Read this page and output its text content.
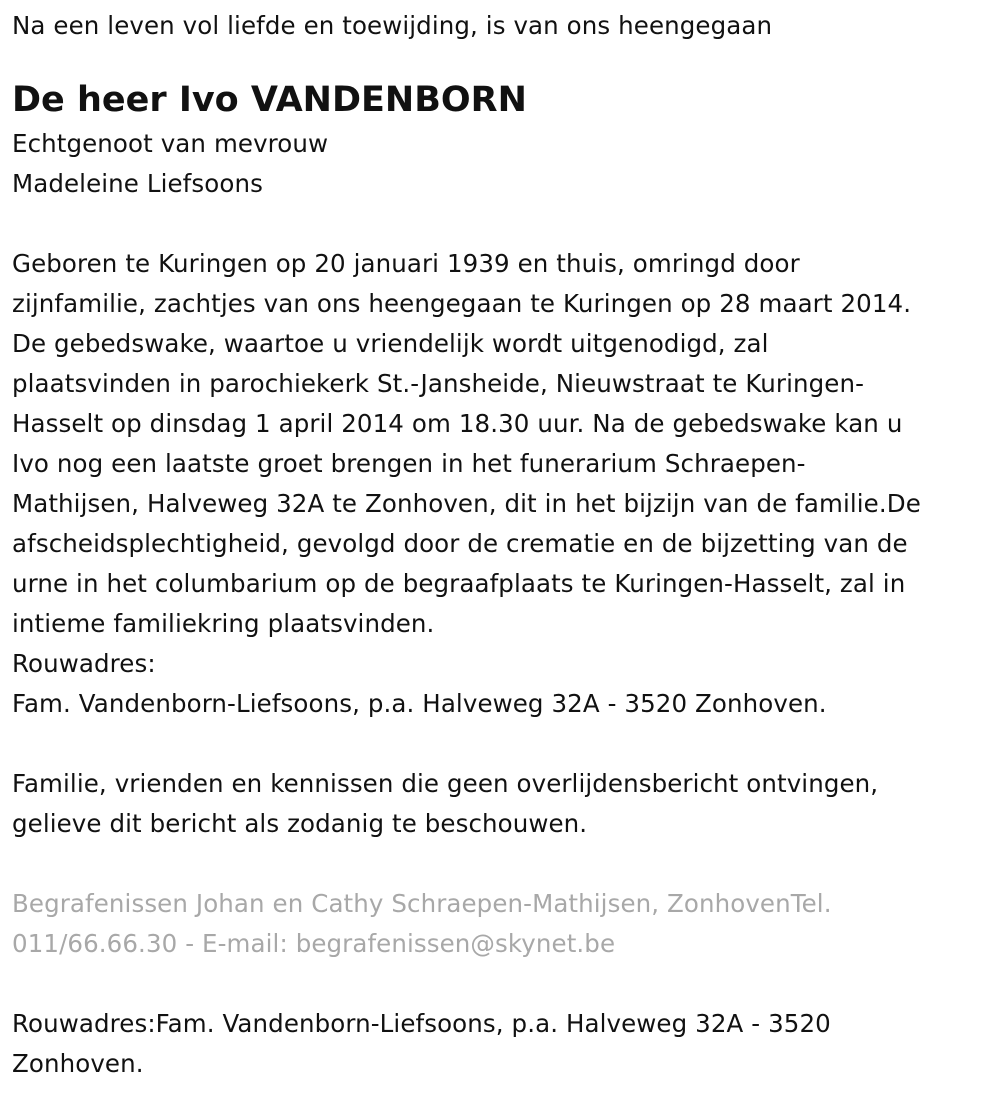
Na een leven vol liefde en toewijding, is van ons heengegaan

De heer Ivo VANDENBORN

Echtgenoot van mevrouw

Madeleine Liefsoons

Geboren te Kuringen op 20 januari 1939 en thuis, omringd door

zijnfamilie, zachtjes van ons heengegaan te Kuringen op 28 maart 2014.

De gebedswake, waartoe u vriendelijk wordt uitgenodigd, zal

plaatsvinden in parochiekerk St.-Jansheide, Nieuwstraat te Kuringen-

Hasselt op dinsdag 1 april 2014 om 18.30 uur. Na de gebedswake kan u

Ivo nog een laatste groet brengen in het funerarium Schraepen-

Mathijsen, Halveweg 32A te Zonhoven, dit in het bijzijn van de familie.De

afscheidsplechtigheid, gevolgd door de crematie en de bijzetting van de

urne in het columbarium op de begraafplaats te Kuringen-Hasselt, zal in

intieme familiekring plaatsvinden.

Rouwadres:

Fam. Vandenborn-Liefsoons, p.a. Halveweg 32A - 3520 Zonhoven.

Familie, vrienden en kennissen die geen overlijdensbericht ontvingen,

gelieve dit bericht als zodanig te beschouwen.

Begrafenissen Johan en Cathy Schraepen-Mathijsen, ZonhovenTel.

011/66.66.30 - E-mail: begrafenissen@skynet.be

Rouwadres:Fam. Vandenborn-Liefsoons, p.a. Halveweg 32A - 3520

Zonhoven.
